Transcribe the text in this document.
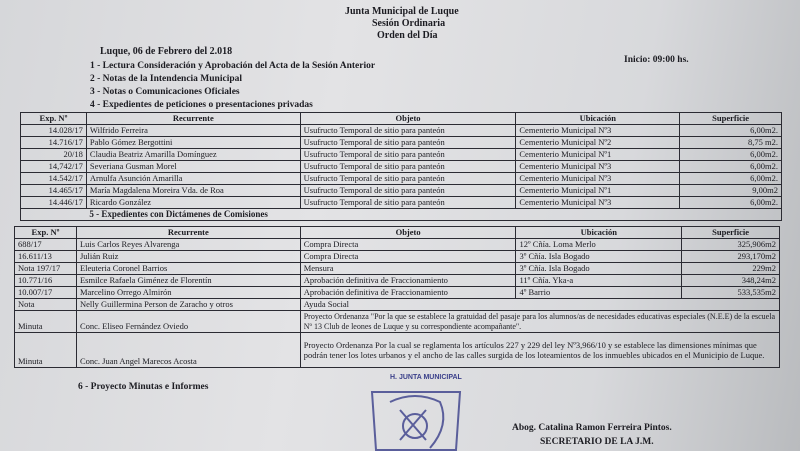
Junta Municipal de Luque
Sesión Ordinaria
Orden del Día
Luque, 06 de Febrero del 2.018
Inicio: 09:00 hs.
1 - Lectura Consideración y Aprobación del Acta de la Sesión Anterior
2 - Notas de la Intendencia Municipal
3 - Notas o Comunicaciones Oficiales
4 - Expedientes de peticiones o presentaciones privadas
Exp. Nº	Recurrente	Objeto	Ubicación	Superficie
14.028/17	Wilfrido Ferreira	Usufructo Temporal de sitio para panteón	Cementerio Municipal Nº3	6,00m2.
14.716/17	Pablo Gómez Bergottini	Usufructo Temporal de sitio para panteón	Cementerio Municipal Nº2	8,75 m2.
20/18	Claudia Beatriz Amarilla Domínguez	Usufructo Temporal de sitio para panteón	Cementerio Municipal Nº1	6,00m2.
14,742/17	Severiana Gusman Morel	Usufructo Temporal de sitio para panteón	Cementerio Municipal Nº3	6,00m2.
14.542/17	Arnulfa Asunción Amarilla	Usufructo Temporal de sitio para panteón	Cementerio Municipal Nº3	6,00m2.
14.465/17	María Magdalena Moreira Vda. de Roa	Usufructo Temporal de sitio para panteón	Cementerio Municipal Nº1	9,00m2
14.446/17	Ricardo González	Usufructo Temporal de sitio para panteón	Cementerio Municipal Nº3	6,00m2.
	5 - Expedientes con Dictámenes de Comisiones			
Exp. Nº	Recurrente	Objeto	Ubicación	Superficie
688/17	Luis Carlos Reyes Alvarenga	Compra Directa	12º Cñía. Loma Merlo	325,906m2
16.611/13	Julián Ruiz	Compra Directa	3º Cñía. Isla Bogado	293,170m2
Nota 197/17	Eleuteria Coronel Barrios	Mensura	3º Cñía. Isla Bogado	229m2
10.771/16	Esmilce Rafaela Giménez de Florentín	Aprobación definitiva de Fraccionamiento	11º Cñía. Yka-a	348,24m2
10.007/17	Marcelino Orrego Almirón	Aprobación definitiva de Fraccionamiento	4º Barrio	533,535m2
Nota	Nelly Guillermina Person de Zaracho y otros	Ayuda Social		
Minuta	Conc. Eliseo Fernández Oviedo	Proyecto Ordenanza "Por la que se establece la gratuidad del pasaje para los alumnos/as de necesidades educativas especiales (N.E.E) de la escuela Nº 13 Club de leones de Luque y su correspondiente acompañante".		
Minuta	Conc. Juan Angel Marecos Acosta	Proyecto Ordenanza Por la cual se reglamenta los artículos 227 y 229 del ley Nº3,966/10 y se establece las dimensiones mínimas que podrán tener los lotes urbanos y el ancho de las calles surgida de los loteamientos de los inmuebles ubicados en el Municipio de Luque.		
6 - Proyecto Minutas e Informes
H. JUNTA MUNICIPAL
Abog. Catalina Ramon Ferreira Pintos.
SECRETARIO DE LA J.M.
